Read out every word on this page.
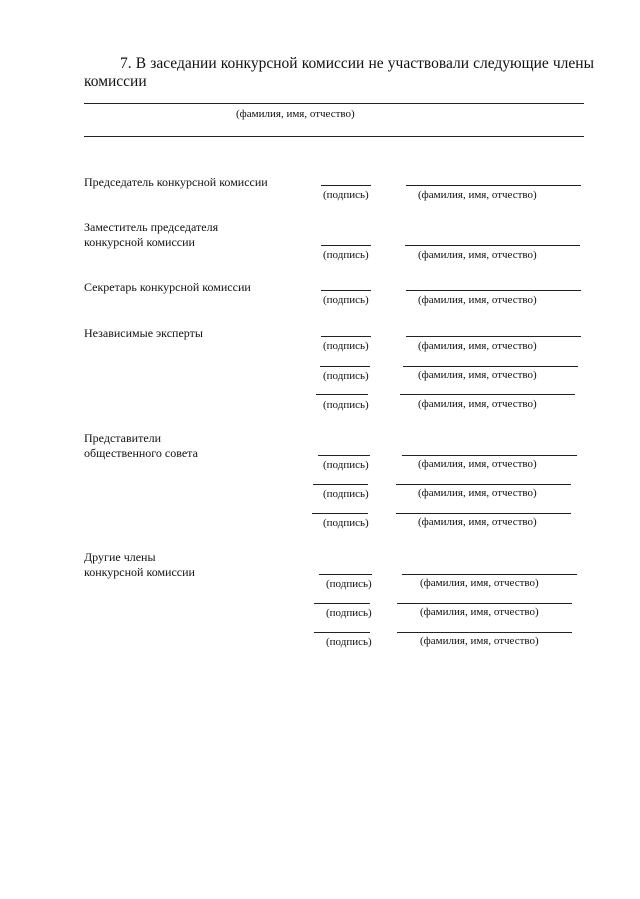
7. В заседании конкурсной комиссии не участвовали следующие члены
комиссии
(фамилия, имя, отчество)
Председатель конкурсной комиссии
(подпись)	(фамилия, имя, отчество)
Заместитель председателя
конкурсной комиссии
(подпись)	(фамилия, имя, отчество)
Секретарь конкурсной комиссии
(подпись)	(фамилия, имя, отчество)
Независимые эксперты
(подпись)	(фамилия, имя, отчество)
(подпись)	(фамилия, имя, отчество)
(подпись)	(фамилия, имя, отчество)
Представители
общественного совета
(подпись)	(фамилия, имя, отчество)
(подпись)	(фамилия, имя, отчество)
(подпись)	(фамилия, имя, отчество)
Другие члены
конкурсной комиссии
(подпись)	(фамилия, имя, отчество)
(подпись)	(фамилия, имя, отчество)
(подпись)	(фамилия, имя, отчество)
